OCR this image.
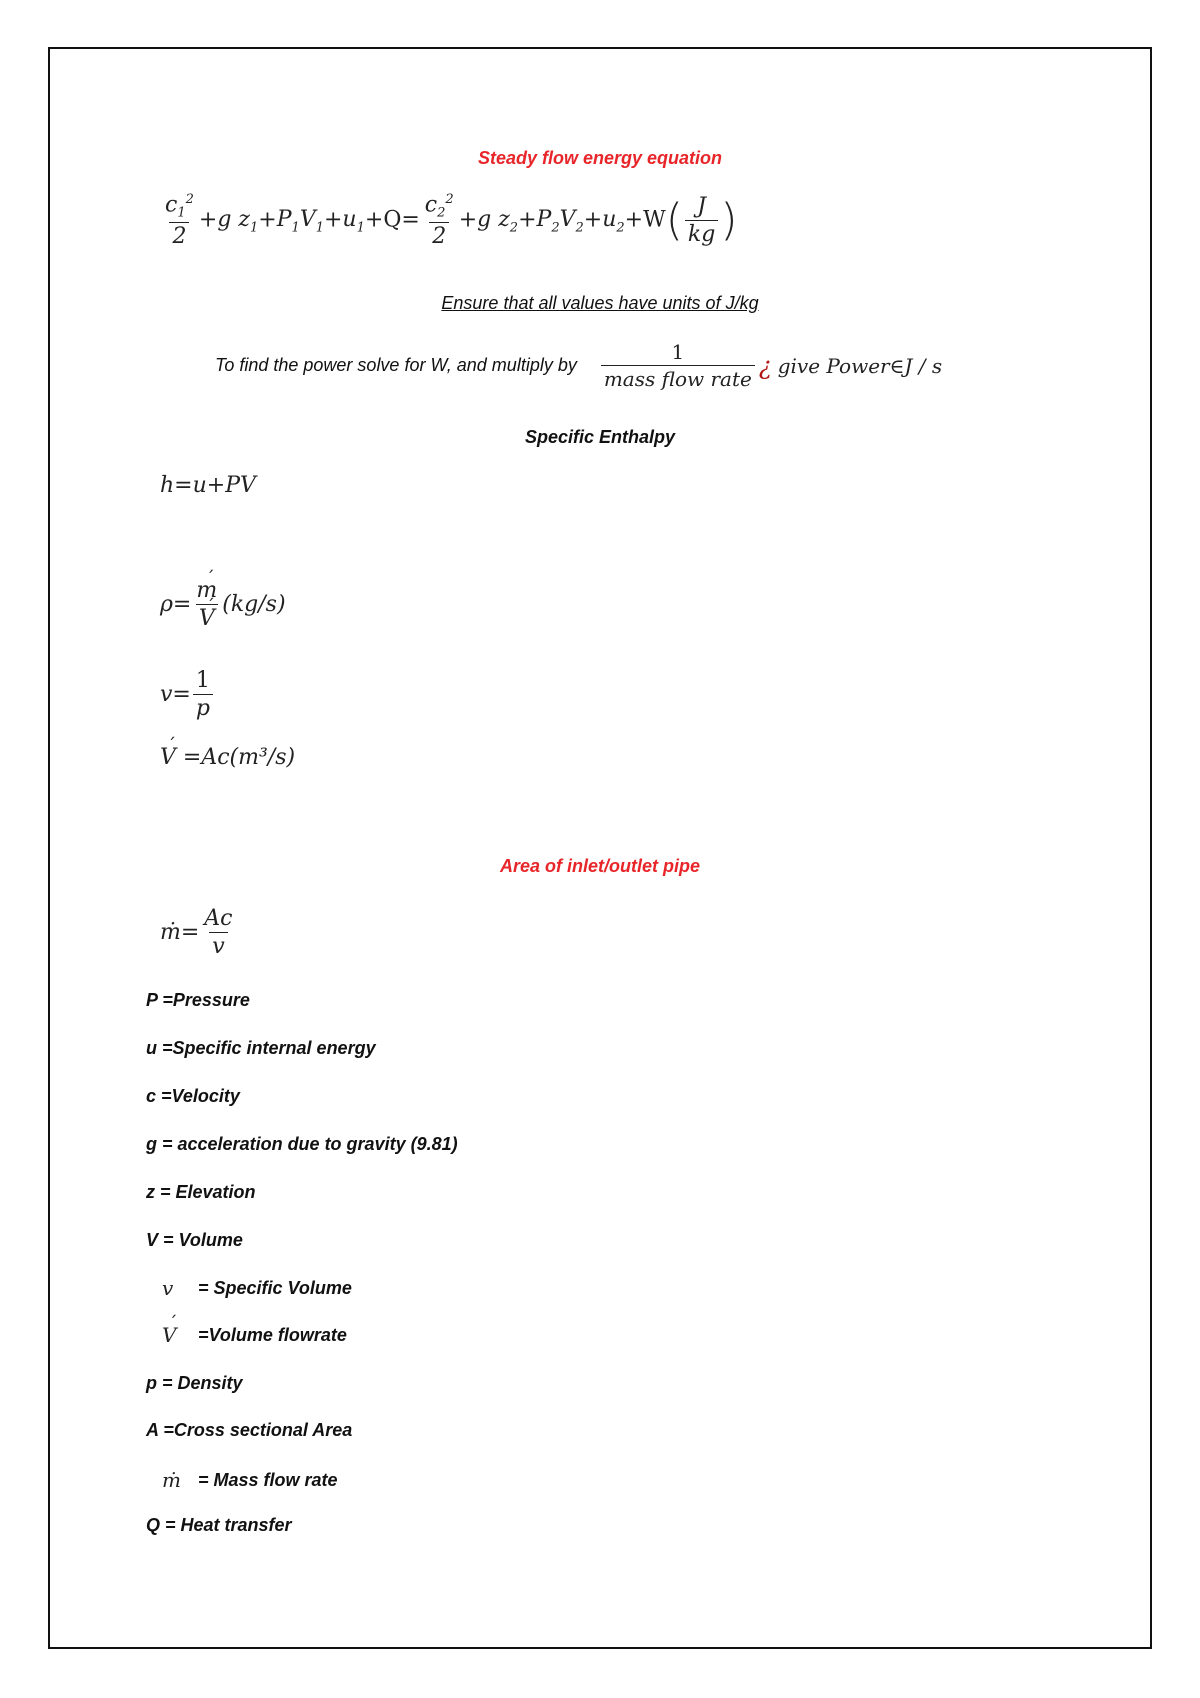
Steady flow energy equation
$\frac{c_1^2}{2} +g$ $z_1+P_1V_1+u_1+Q= \frac{c_2^2}{2} +g$ $z_2+P_2V_2+u_2+W( \frac{J}{kg}$ )
Ensure that all values have units of J/kg
To find the power solve for W, and multiply by $\frac{1}{\text{mass flow rate}}$ ¿ give Power∈J / s
Specific Enthalpy
h=u+PV
ρ=
´ m
´ V (kg/s)
$v= \frac{1}{p}$
´ V =Ac(m³/s)
Area of inlet/outlet pipe
ṁ= $\frac{Ac}{v}$
P =Pressure
u =Specific internal energy
c =Velocity
g = acceleration due to gravity (9.81)
z = Elevation
V = Volume
v	= Specific Volume
´ V	=Volume flowrate
p = Density
A =Cross sectional Area
ṁ = Mass flow rate
Q = Heat transfer
